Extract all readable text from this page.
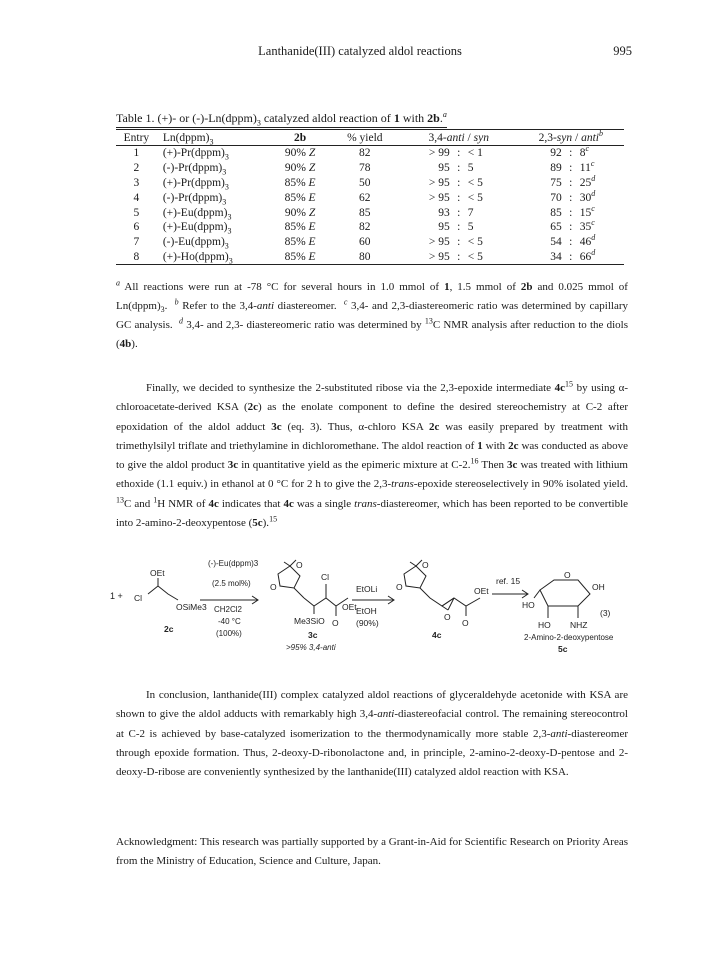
Lanthanide(III) catalyzed aldol reactions	995
Table 1. (+)- or $(-)-Ln(dppm)_3$ catalyzed aldol reaction of 1 with 2b.$^a$
Entry	$Ln(dppm)_3$	2b	% yield	3,4-anti / syn	2,3-syn / anti$^b$
1	$(+)-Pr(dppm)_3$	90% Z	82	> 99 : < 1	92 : 8$^c$

2	$(-)-Pr(dppm)_3$	90% Z	78	95 : 5	89 : 11$^c$

3	$(+)-Pr(dppm)_3$	85% E	50	> 95 : < 5	75 : 25$^d$

4	$(-)-Pr(dppm)_3$	85% E	62	> 95 : < 5	70 : 30$^d$

5	$(+)-Eu(dppm)_3$	90% Z	85	93 : 7	85 : 15$^c$

6	$(+)-Eu(dppm)_3$	85% E	82	95 : 5	65 : 35$^c$

7	$(-)-Eu(dppm)_3$	85% E	60	> 95 : < 5	54 : 46$^d$

8	$(+)-Ho(dppm)_3$	85% E	80	> 95 : < 5	34 : 66$^d$
$^a$ All reactions were run at -78 °C for several hours in 1.0 mmol of 1, 1.5 mmol of 2b and 0.025 mmol of $Ln(dppm)_3$.  $^b$ Refer to the 3,4-anti diastereomer.  $^c$ 3,4- and 2,3-diastereomeric ratio was determined by capillary GC analysis.  $^d$ 3,4- and 2,3- diastereomeric ratio was determined by $^{13}$C NMR analysis after reduction to the diols (4b).
Finally, we decided to synthesize the 2-substituted ribose via the 2,3-epoxide intermediate $4c^{15}$ by using α-chloroacetate-derived KSA (2c) as the enolate component to define the desired stereochemistry at C-2 after epoxidation of the aldol adduct 3c (eq. 3). Thus, α-chloro KSA 2c was easily prepared by treatment with trimethylsilyl triflate and triethylamine in dichloromethane. The aldol reaction of 1 with 2c was conducted as above to give the aldol product 3c in quantitative yield as the epimeric mixture at C-2.16 Then 3c was treated with lithium ethoxide (1.1 equiv.) in ethanol at 0 °C for 2 h to give the 2,3-trans-epoxide stereoselectively in 90% isolated yield. $^{13}$C and $^1$H NMR of 4c indicates that 4c was a single trans-diastereomer, which has been reported to be convertible into 2-amino-2-deoxypentose (5c).$^{15}$
1 + Cl
OEt
OSiMe3
2c
(-)-Eu(dppm)3
(2.5 mol%)
CH2Cl2
-40 °C
(100%)
O
O
Cl
OEt
Me3SiO O
3c
>95% 3,4-anti
EtOLi
EtOH
(90%)
O
O
O
OEt
O
4c
ref. 15
O
OH
HO
HO NHZ
2-Amino-2-deoxypentose
5c
(3)
In conclusion, lanthanide(III) complex catalyzed aldol reactions of glyceraldehyde acetonide with KSA are shown to give the aldol adducts with remarkably high 3,4-anti-diastereofacial control. The remaining stereocontrol at C-2 is achieved by base-catalyzed isomerization to the thermodynamically more stable 2,3-anti-diastereomer through epoxide formation. Thus, 2-deoxy-D-ribonolactone and, in principle, 2-amino-2-deoxy-D-pentose and 2-deoxy-D-ribose are conveniently synthesized by the lanthanide(III) catalyzed aldol reaction with KSA.
Acknowledgment: This research was partially supported by a Grant-in-Aid for Scientific Research on Priority Areas from the Ministry of Education, Science and Culture, Japan.
